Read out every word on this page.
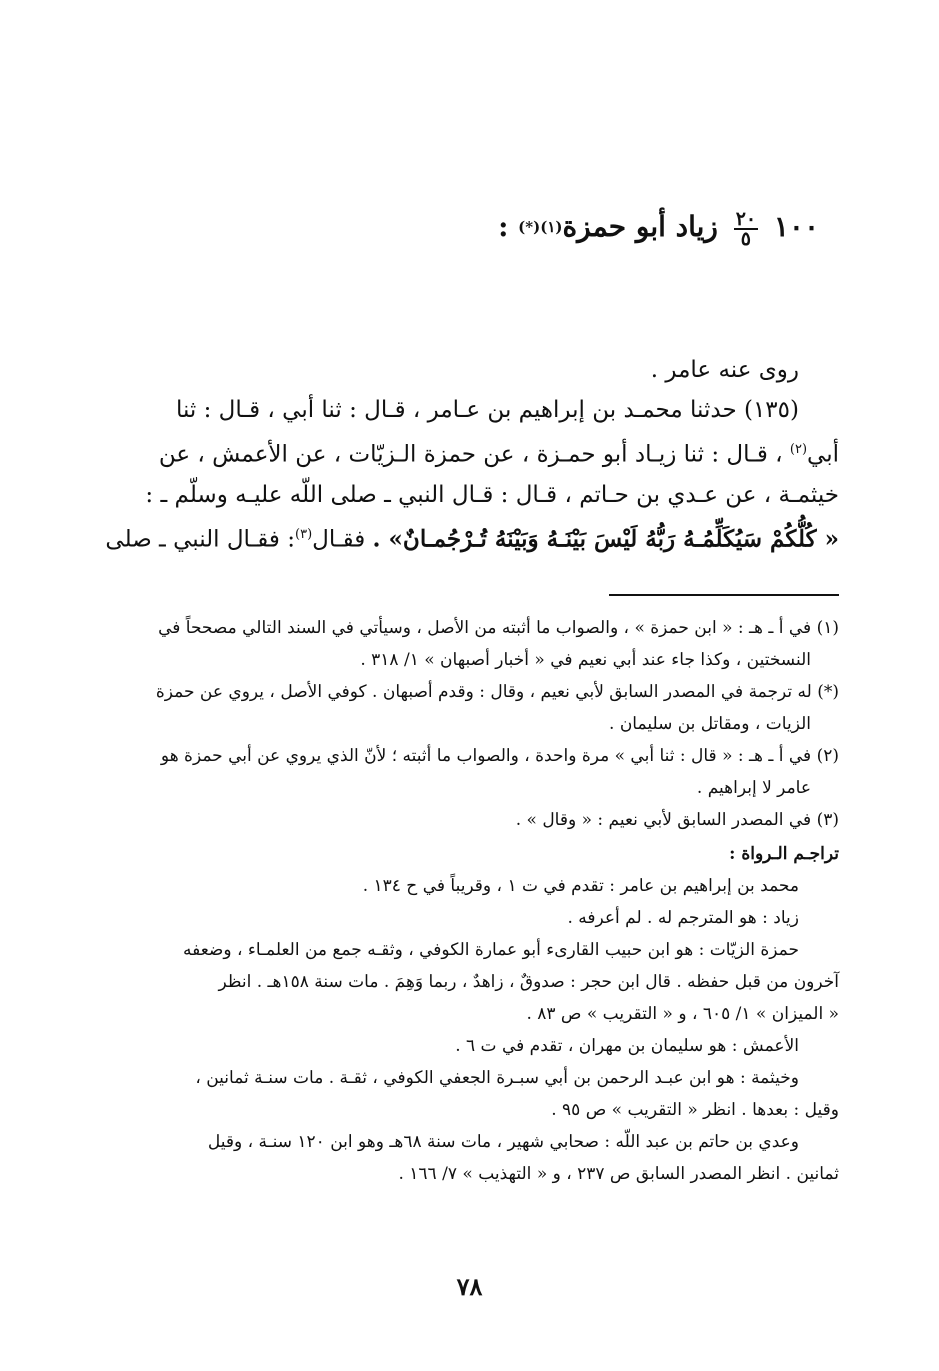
١٠٠
$\frac{٢٠}{٥}$
زياد أبو حمزة$^{(١)(*)}$ :

روى عنه عامر .

(١٣٥) حدثنا محمـد بن إبراهيم بن عـامر ، قـال : ثنا أبي ، قـال : ثنا

أبي$^{(٢)}$ ، قـال : ثنا زيـاد أبو حمـزة ، عن حمزة الـزيّات ، عن الأعمش ، عن

خيثمـة ، عن عـدي بن حـاتم ، قـال : قـال النبي ـ صلى اللّه عليـه وسلّم ـ :

« كُلُّكُمْ سَيُكَلِّمُـهُ رَبُّهُ لَيْسَ بَيْنَـهُ وَبَيْنَهُ تُـرْجُمـانٌ» . فقـال$^{(٣)}$: فقـال النبي ـ صلى

(١) في أ ـ هـ : « ابن حمزة » ، والصواب ما أثبته من الأصل ، وسيأتي في السند التالي مصححاً في

النسختين ، وكذا جاء عند أبي نعيم في « أخبار أصبهان » ١/ ٣١٨ .

(*) له ترجمة في المصدر السابق لأبي نعيم ، وقال : وقدم أصبهان . كوفي الأصل ، يروي عن حمزة

الزيات ، ومقاتل بن سليمان .

(٢) في أ ـ هـ : « قال : ثنا أبي » مرة واحدة ، والصواب ما أثبته ؛ لأنّ الذي يروي عن أبي حمزة هو

عامر لا إبراهيم .

(٣) في المصدر السابق لأبي نعيم : « وقال » .

تراجـم الـرواة :

محمد بن إبراهيم بن عامر : تقدم في ت ١ ، وقريباً في ح ١٣٤ .

زياد : هو المترجم له . لم أعرفه .

حمزة الزيّات : هو ابن حبيب القارىء أبو عمارة الكوفي ، وثقـه جمع من العلمـاء ، وضعفه

آخرون من قبل حفظه . قال ابن حجر : صدوقٌ ، زاهدٌ ، ربما وَهِمَ . مات سنة ١٥٨هـ . انظر

« الميزان » ١/ ٦٠٥ ، و « التقريب » ص ٨٣ .

الأعمش : هو سليمان بن مهران ، تقدم في ت ٦ .

وخيثمة : هو ابن عبـد الرحمن بن أبي سبـرة الجعفي الكوفي ، ثقـة . مات سنـة ثمانين ،

وقيل : بعدها . انظر « التقريب » ص ٩٥ .

وعدي بن حاتم بن عبد اللّه : صحابي شهير ، مات سنة ٦٨هـ وهو ابن ١٢٠ سنـة ، وقيل

ثمانين . انظر المصدر السابق ص ٢٣٧ ، و « التهذيب » ٧/ ١٦٦ .

٧٨
